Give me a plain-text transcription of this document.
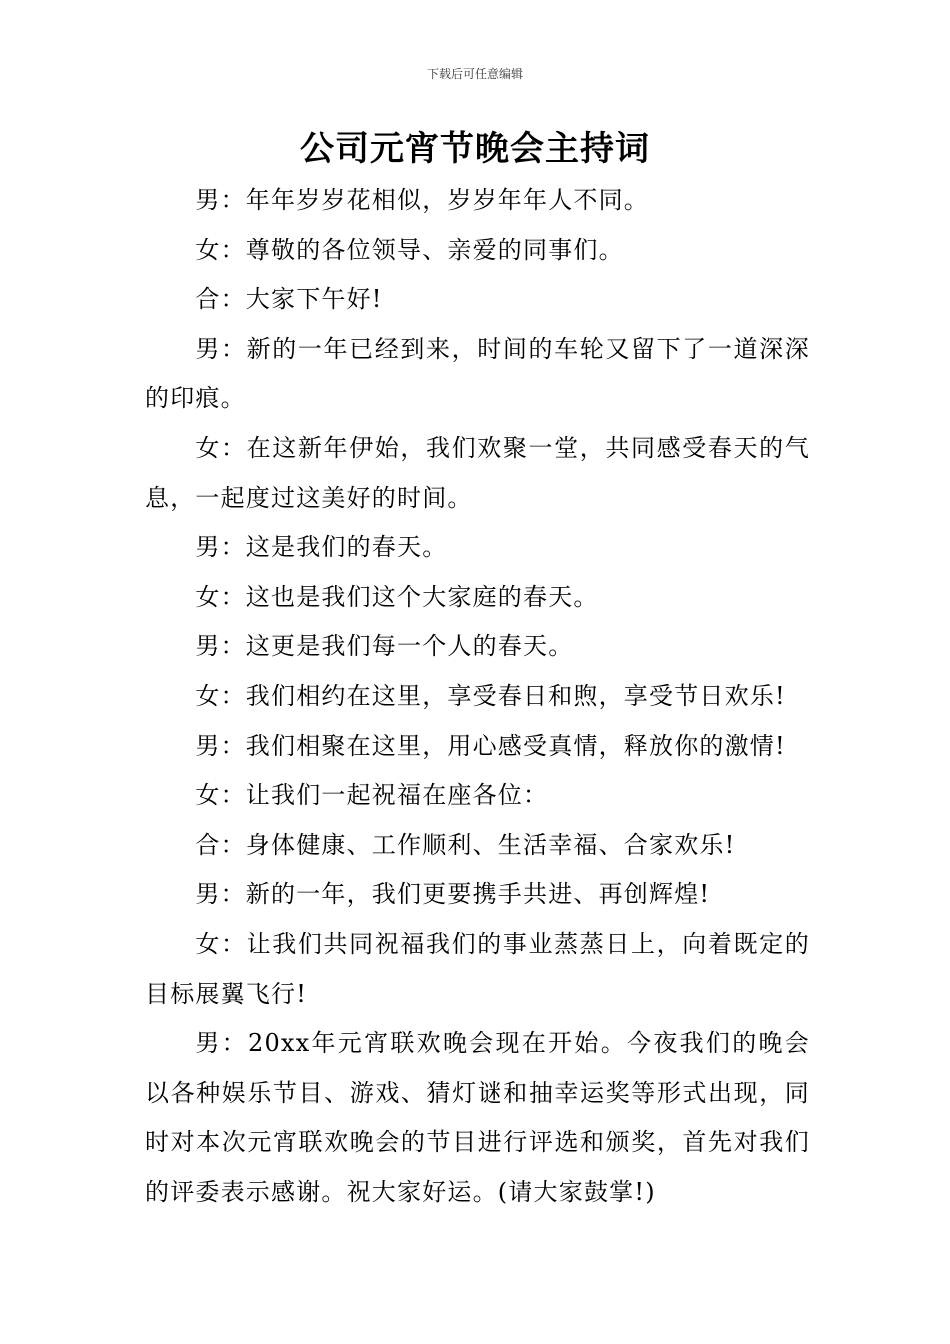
下载后可任意编辑
公司元宵节晚会主持词

男：年年岁岁花相似，岁岁年年人不同。

女：尊敬的各位领导、亲爱的同事们。

合：大家下午好!

男：新的一年已经到来，时间的车轮又留下了一道深深的印痕。

女：在这新年伊始，我们欢聚一堂，共同感受春天的气息，一起度过这美好的时间。

男：这是我们的春天。

女：这也是我们这个大家庭的春天。

男：这更是我们每一个人的春天。

女：我们相约在这里，享受春日和煦，享受节日欢乐!

男：我们相聚在这里，用心感受真情，释放你的激情!

女：让我们一起祝福在座各位：

合：身体健康、工作顺利、生活幸福、合家欢乐!

男：新的一年，我们更要携手共进、再创辉煌!

女：让我们共同祝福我们的事业蒸蒸日上，向着既定的目标展翼飞行!

男：20xx年元宵联欢晚会现在开始。今夜我们的晚会以各种娱乐节目、游戏、猜灯谜和抽幸运奖等形式出现，同时对本次元宵联欢晚会的节目进行评选和颁奖，首先对我们的评委表示感谢。祝大家好运。(请大家鼓掌!)
